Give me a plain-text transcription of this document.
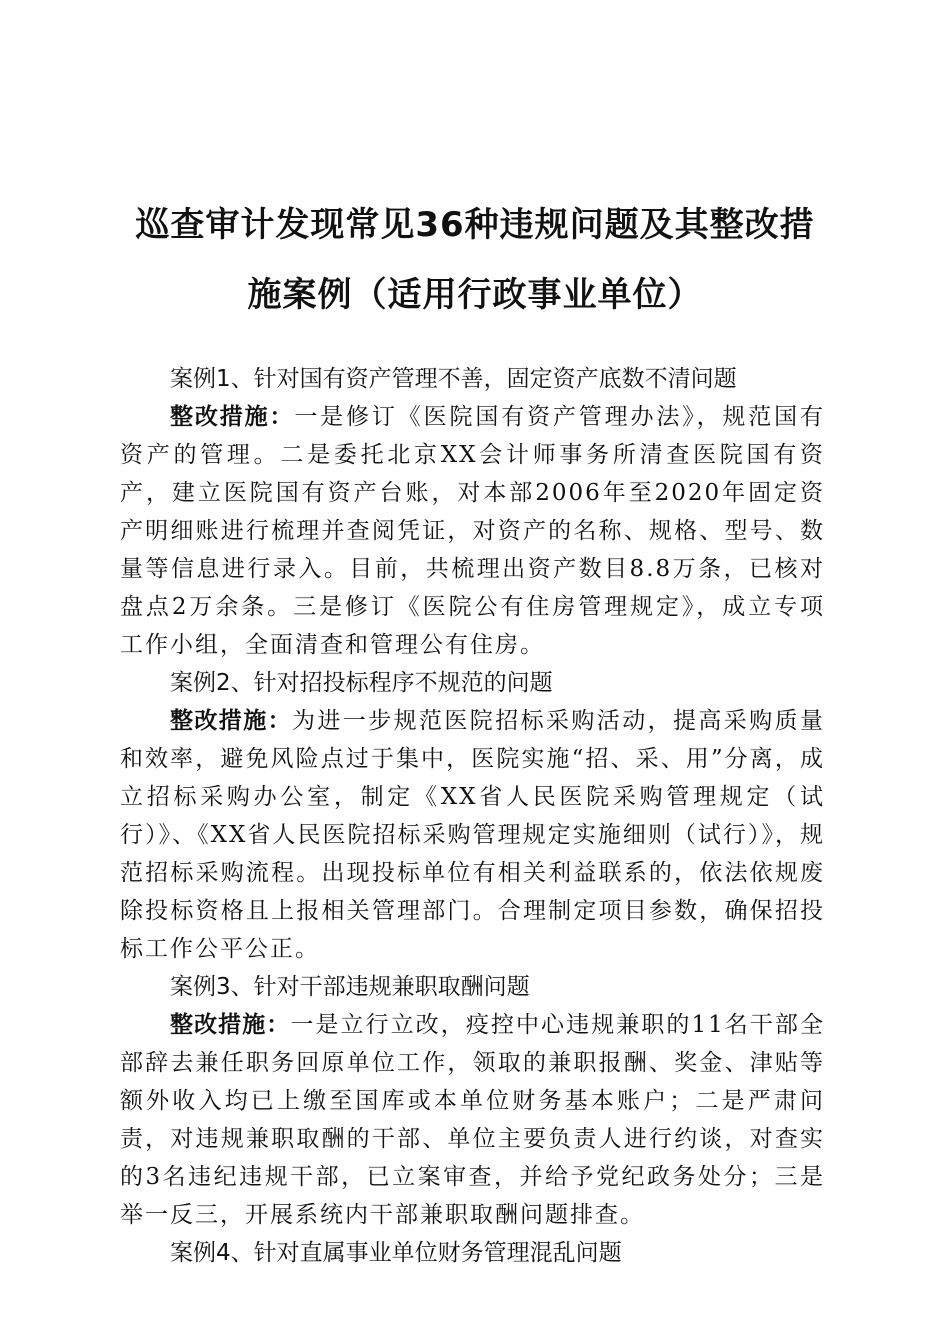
巡查审计发现常见36种违规问题及其整改措
施案例（适用行政事业单位）

案例1、针对国有资产管理不善，固定资产底数不清问题

整改措施：一是修订《医院国有资产管理办法》，规范国有资产的管理。二是委托北京XX会计师事务所清查医院国有资产，建立医院国有资产台账，对本部2006年至2020年固定资产明细账进行梳理并查阅凭证，对资产的名称、规格、型号、数量等信息进行录入。目前，共梳理出资产数目8.8万条，已核对盘点2万余条。三是修订《医院公有住房管理规定》，成立专项工作小组，全面清查和管理公有住房。

案例2、针对招投标程序不规范的问题

整改措施：为进一步规范医院招标采购活动，提高采购质量和效率，避免风险点过于集中，医院实施“招、采、用”分离，成立招标采购办公室，制定《XX省人民医院采购管理规定（试行）》、《XX省人民医院招标采购管理规定实施细则（试行）》，规范招标采购流程。出现投标单位有相关利益联系的，依法依规废除投标资格且上报相关管理部门。合理制定项目参数，确保招投标工作公平公正。

案例3、针对干部违规兼职取酬问题

整改措施：一是立行立改，疫控中心违规兼职的11名干部全部辞去兼任职务回原单位工作，领取的兼职报酬、奖金、津贴等额外收入均已上缴至国库或本单位财务基本账户；二是严肃问责，对违规兼职取酬的干部、单位主要负责人进行约谈，对查实的3名违纪违规干部，已立案审查，并给予党纪政务处分；三是举一反三，开展系统内干部兼职取酬问题排查。

案例4、针对直属事业单位财务管理混乱问题
